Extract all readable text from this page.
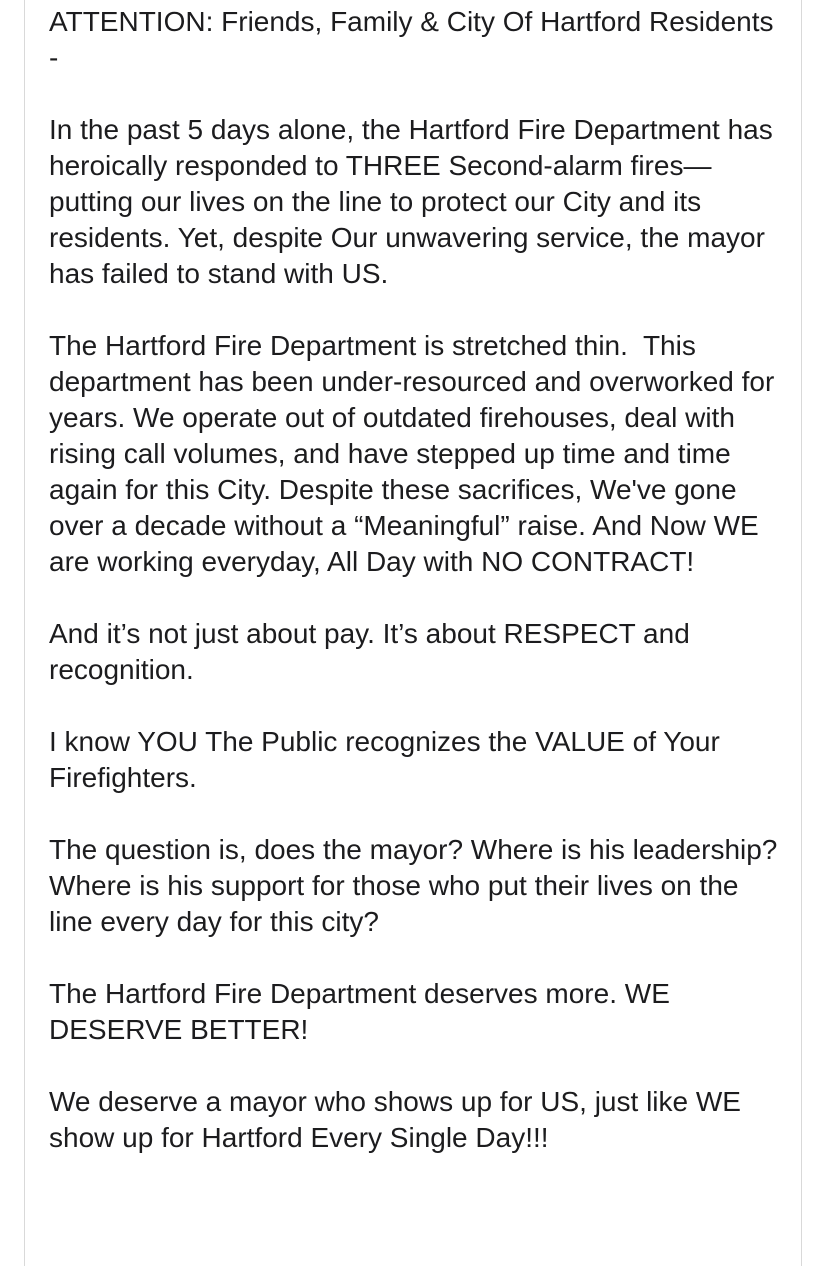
ATTENTION: Friends, Family & City Of Hartford Residents -

In the past 5 days alone, the Hartford Fire Department has heroically responded to THREE Second-alarm fires—putting our lives on the line to protect our City and its residents. Yet, despite Our unwavering service, the mayor has failed to stand with US.

The Hartford Fire Department is stretched thin.  This department has been under-resourced and overworked for years. We operate out of outdated firehouses, deal with rising call volumes, and have stepped up time and time again for this City. Despite these sacrifices, We've gone over a decade without a “Meaningful” raise. And Now WE are working everyday, All Day with NO CONTRACT!

And it’s not just about pay. It’s about RESPECT and recognition.

I know YOU The Public recognizes the VALUE of Your Firefighters.

The question is, does the mayor? Where is his leadership? Where is his support for those who put their lives on the line every day for this city?

The Hartford Fire Department deserves more. WE DESERVE BETTER!

We deserve a mayor who shows up for US, just like WE show up for Hartford Every Single Day!!!
